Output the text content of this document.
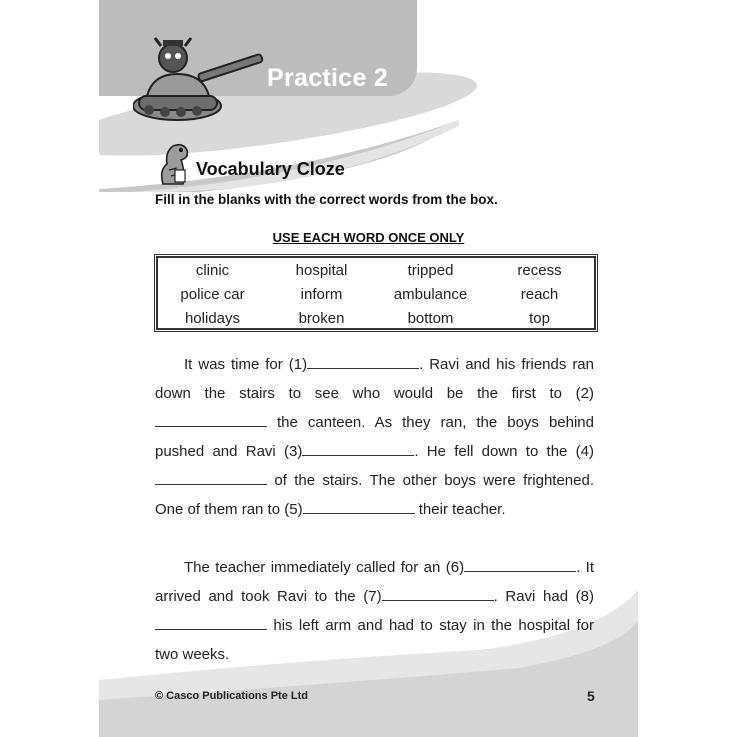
Practice 2
Vocabulary Cloze
Fill in the blanks with the correct words from the box.
USE EACH WORD ONCE ONLY
clinic	hospital	tripped	recess
police car	inform	ambulance	reach
holidays	broken	bottom	top

It was time for (1)	. Ravi and his friends ran down the stairs to see who would be the first to (2) the canteen. As they ran, the boys behind pushed and Ravi (3)	. He fell down to the (4) of the stairs. The other boys were frightened. One of them ran to (5)	their teacher.

The teacher immediately called for an (6)	. It arrived and took Ravi to the (7)	. Ravi had (8) his left arm and had to stay in the hospital for two weeks.

© Casco Publications Pte Ltd	5
